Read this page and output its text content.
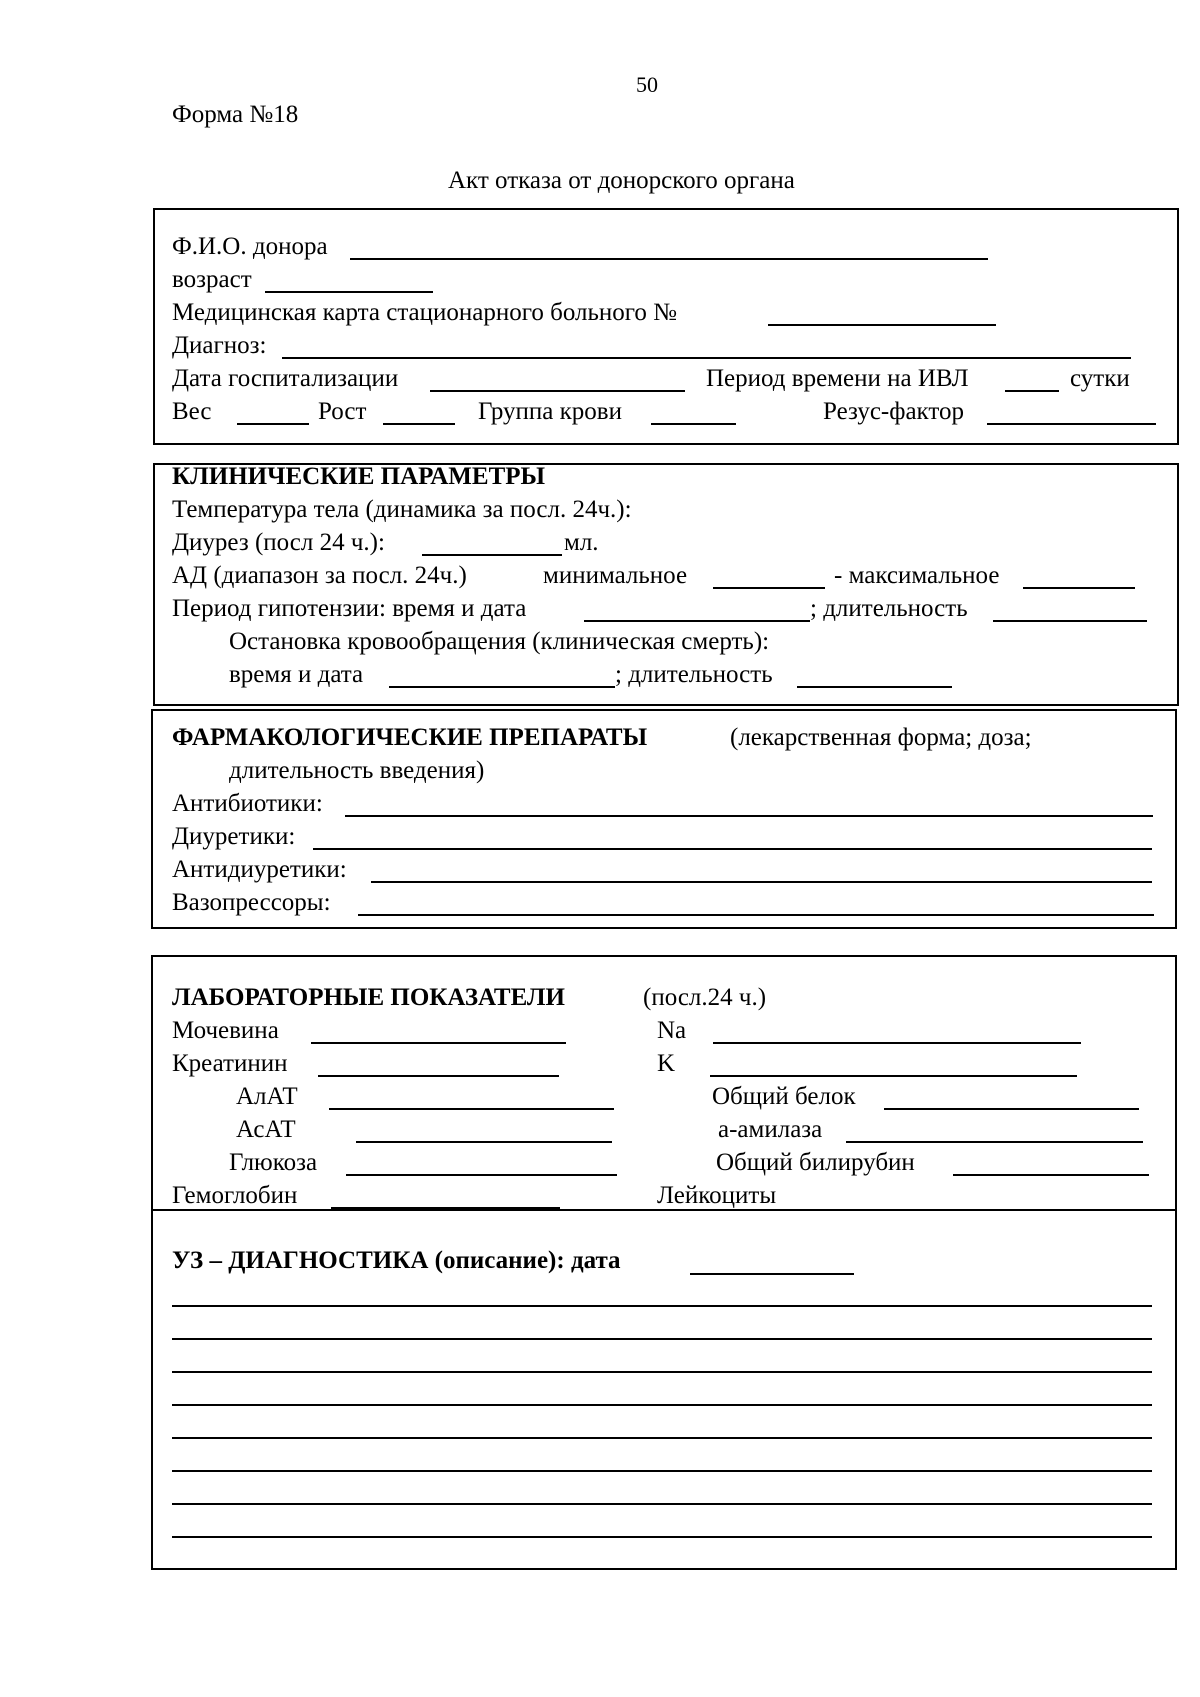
50
Форма №18
Акт отказа от донорского органа
Ф.И.О. донора
возраст
Медицинская карта стационарного больного №
Диагноз:
Дата госпитализации	Период времени на ИВЛ	сутки
Вес	Рост	Группа крови	Резус-фактор
КЛИНИЧЕСКИЕ ПАРАМЕТРЫ
Температура тела (динамика за посл. 24ч.):
Диурез (посл 24 ч.):	мл.
АД (диапазон за посл. 24ч.)	минимальное	- максимальное
Период гипотензии: время и дата	; длительность
Остановка кровообращения (клиническая смерть):
время и дата	; длительность
ФАРМАКОЛОГИЧЕСКИЕ ПРЕПАРАТЫ	(лекарственная форма; доза;
длительность введения)
Антибиотики:
Диуретики:
Антидиуретики:
Вазопрессоры:
ЛАБОРАТОРНЫЕ ПОКАЗАТЕЛИ	(посл.24 ч.)
Мочевина	Na
Креатинин	K
АлАТ	Общий белок
АсАТ	a-амилаза
Глюкоза	Общий билирубин
Гемоглобин	Лейкоциты
УЗ – ДИАГНОСТИКА (описание): дата
